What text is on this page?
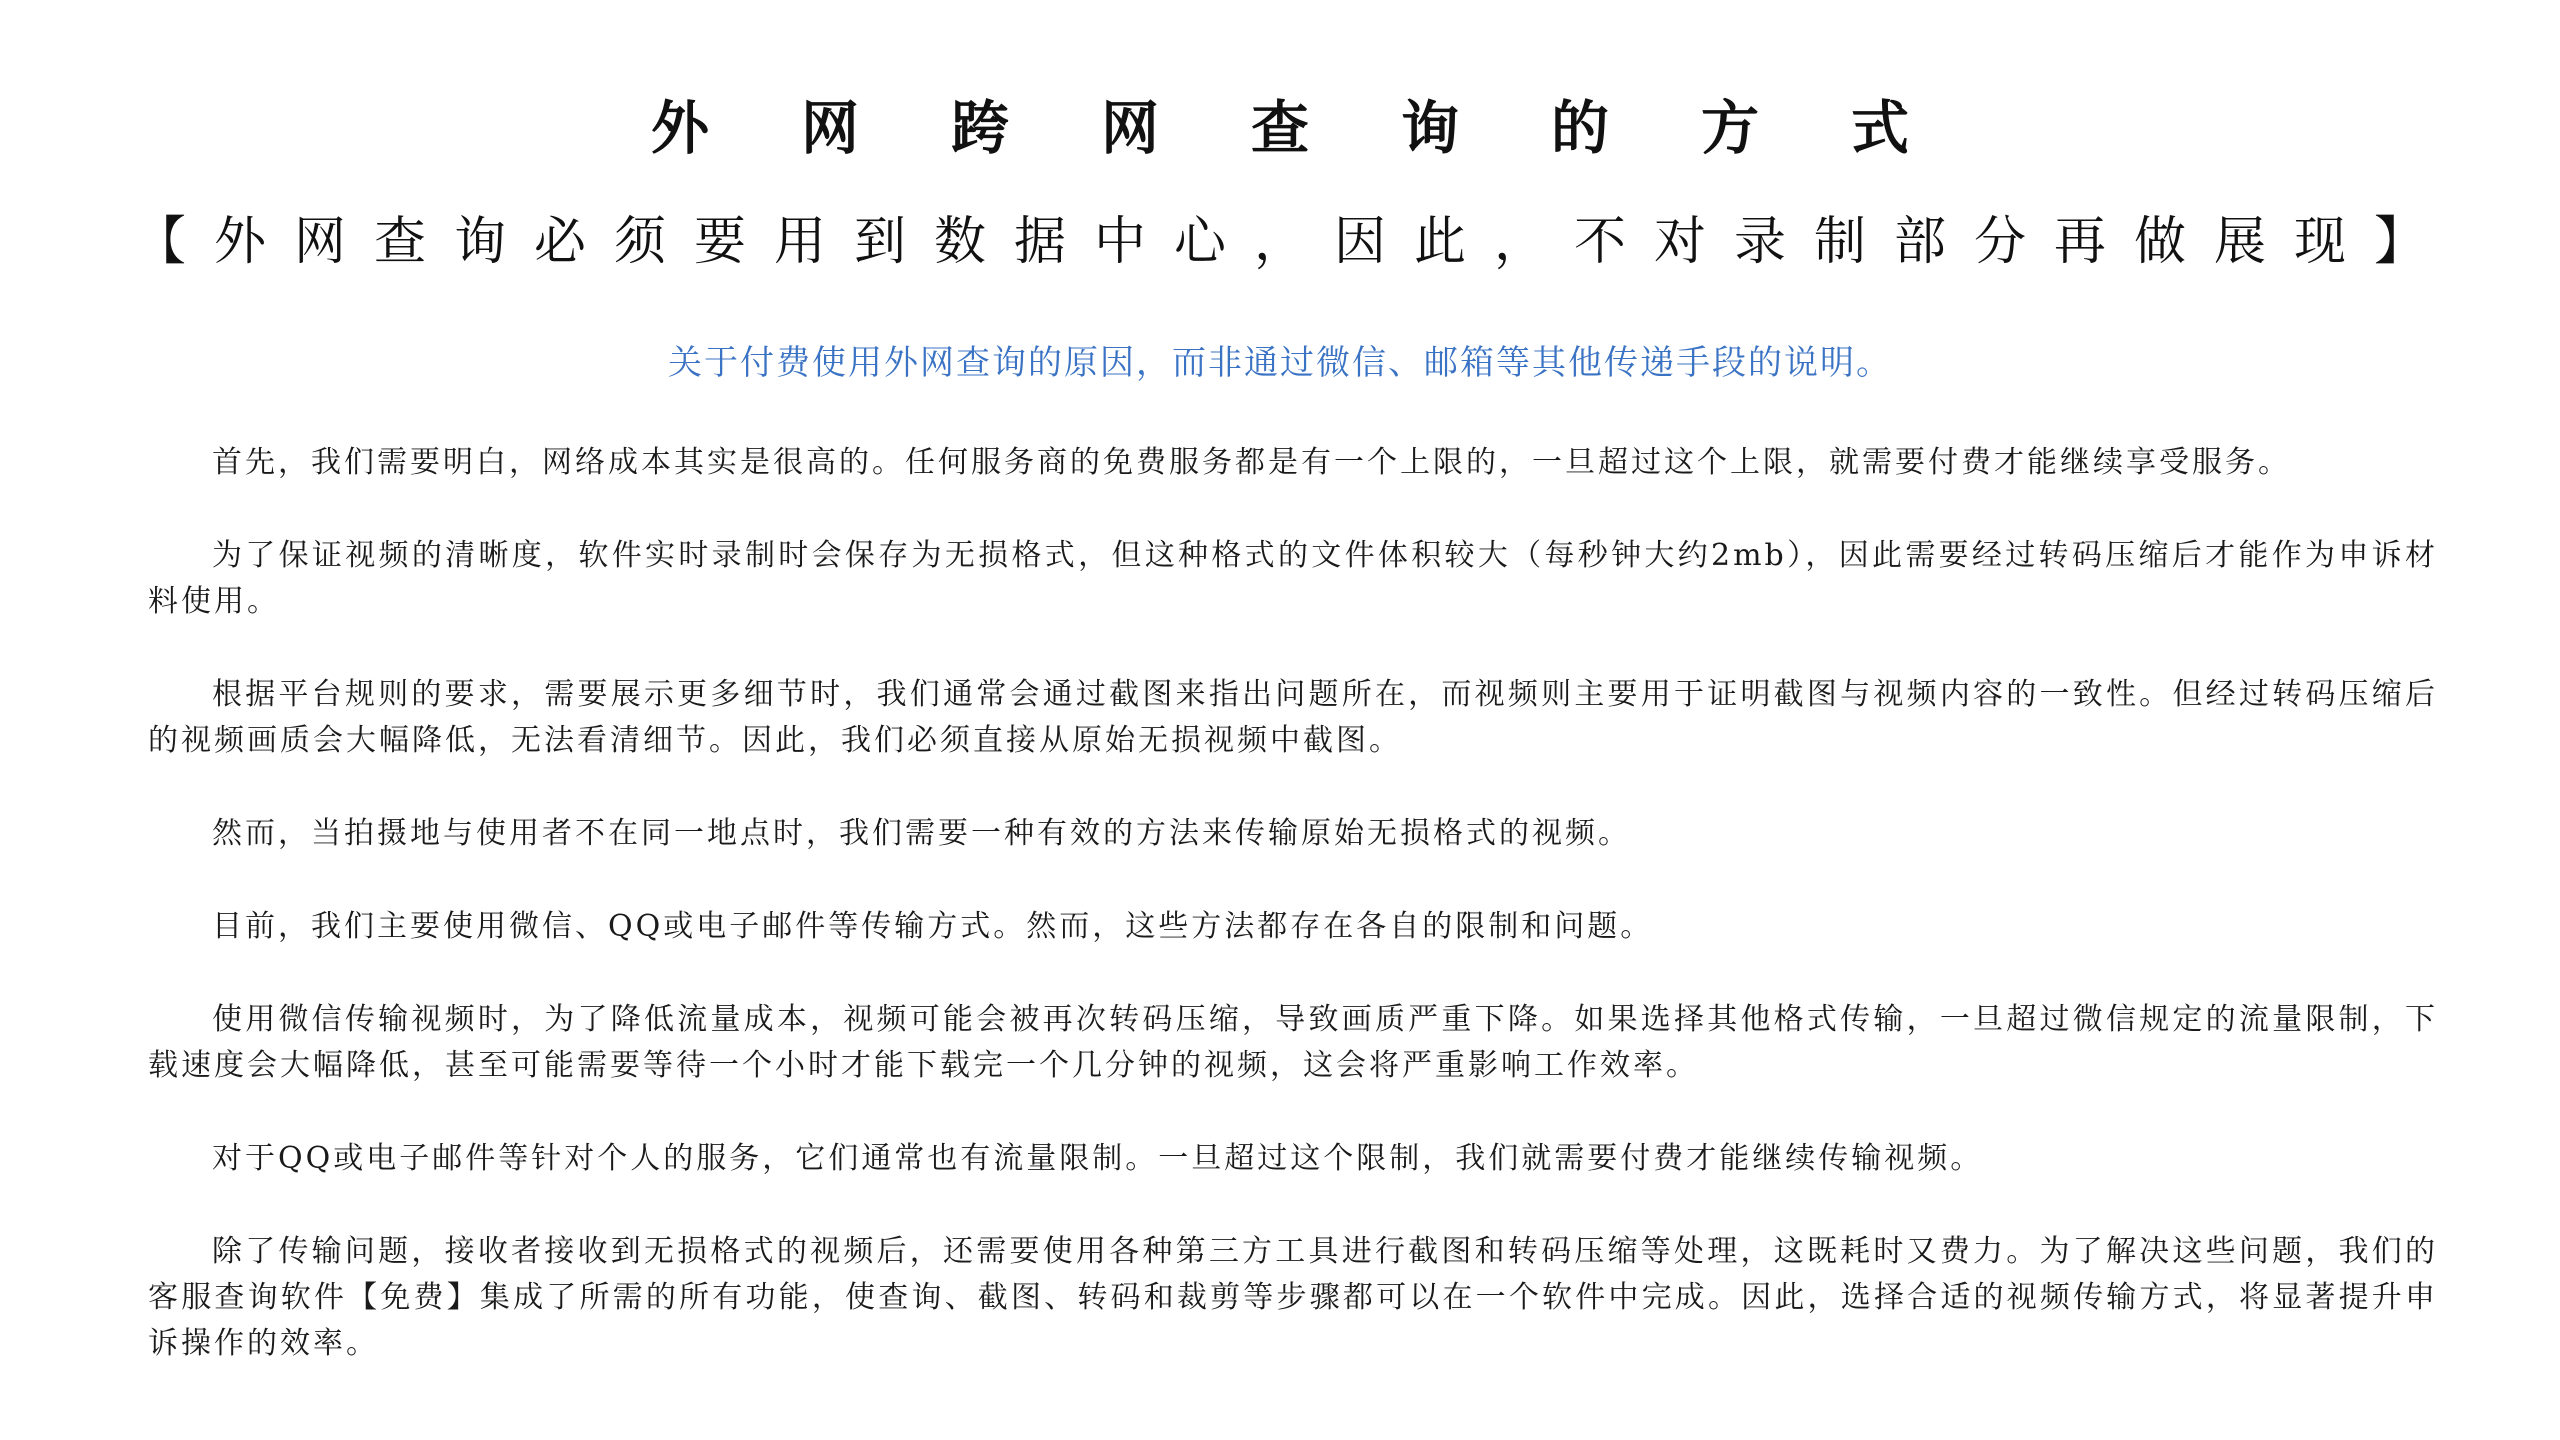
外网跨网查询的方式
【外网查询必须要用到数据中心，因此，不对录制部分再做展现】
关于付费使用外网查询的原因，而非通过微信、邮箱等其他传递手段的说明。

首先，我们需要明白，网络成本其实是很高的。任何服务商的免费服务都是有一个上限的，一旦超过这个上限，就需要付费才能继续享受服务。

为了保证视频的清晰度，软件实时录制时会保存为无损格式，但这种格式的文件体积较大（每秒钟大约2mb），因此需要经过转码压缩后才能作为申诉材料使用。

根据平台规则的要求，需要展示更多细节时，我们通常会通过截图来指出问题所在，而视频则主要用于证明截图与视频内容的一致性。但经过转码压缩后的视频画质会大幅降低，无法看清细节。因此，我们必须直接从原始无损视频中截图。

然而，当拍摄地与使用者不在同一地点时，我们需要一种有效的方法来传输原始无损格式的视频。

目前，我们主要使用微信、QQ或电子邮件等传输方式。然而，这些方法都存在各自的限制和问题。

使用微信传输视频时，为了降低流量成本，视频可能会被再次转码压缩，导致画质严重下降。如果选择其他格式传输，一旦超过微信规定的流量限制，下载速度会大幅降低，甚至可能需要等待一个小时才能下载完一个几分钟的视频，这会将严重影响工作效率。

对于QQ或电子邮件等针对个人的服务，它们通常也有流量限制。一旦超过这个限制，我们就需要付费才能继续传输视频。

除了传输问题，接收者接收到无损格式的视频后，还需要使用各种第三方工具进行截图和转码压缩等处理，这既耗时又费力。为了解决这些问题，我们的客服查询软件【免费】集成了所需的所有功能，使查询、截图、转码和裁剪等步骤都可以在一个软件中完成。因此，选择合适的视频传输方式，将显著提升申诉操作的效率。
